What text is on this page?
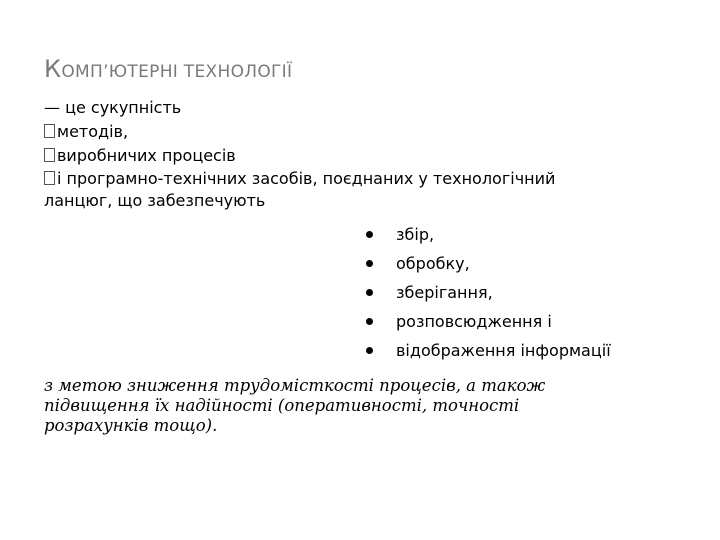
КОМП’ЮТЕРНІ ТЕХНОЛОГІЇ

— це сукупність

методів,

виробничих процесів

і програмно-технічних засобів, поєднаних у технологічний ланцюг, що забезпечують

збір,
обробку,
зберігання,
розповсюдження і
відображення інформації
з метою зниження трудомісткості процесів, а також підвищення їх надійності (оперативності, точності розрахунків тощо).
